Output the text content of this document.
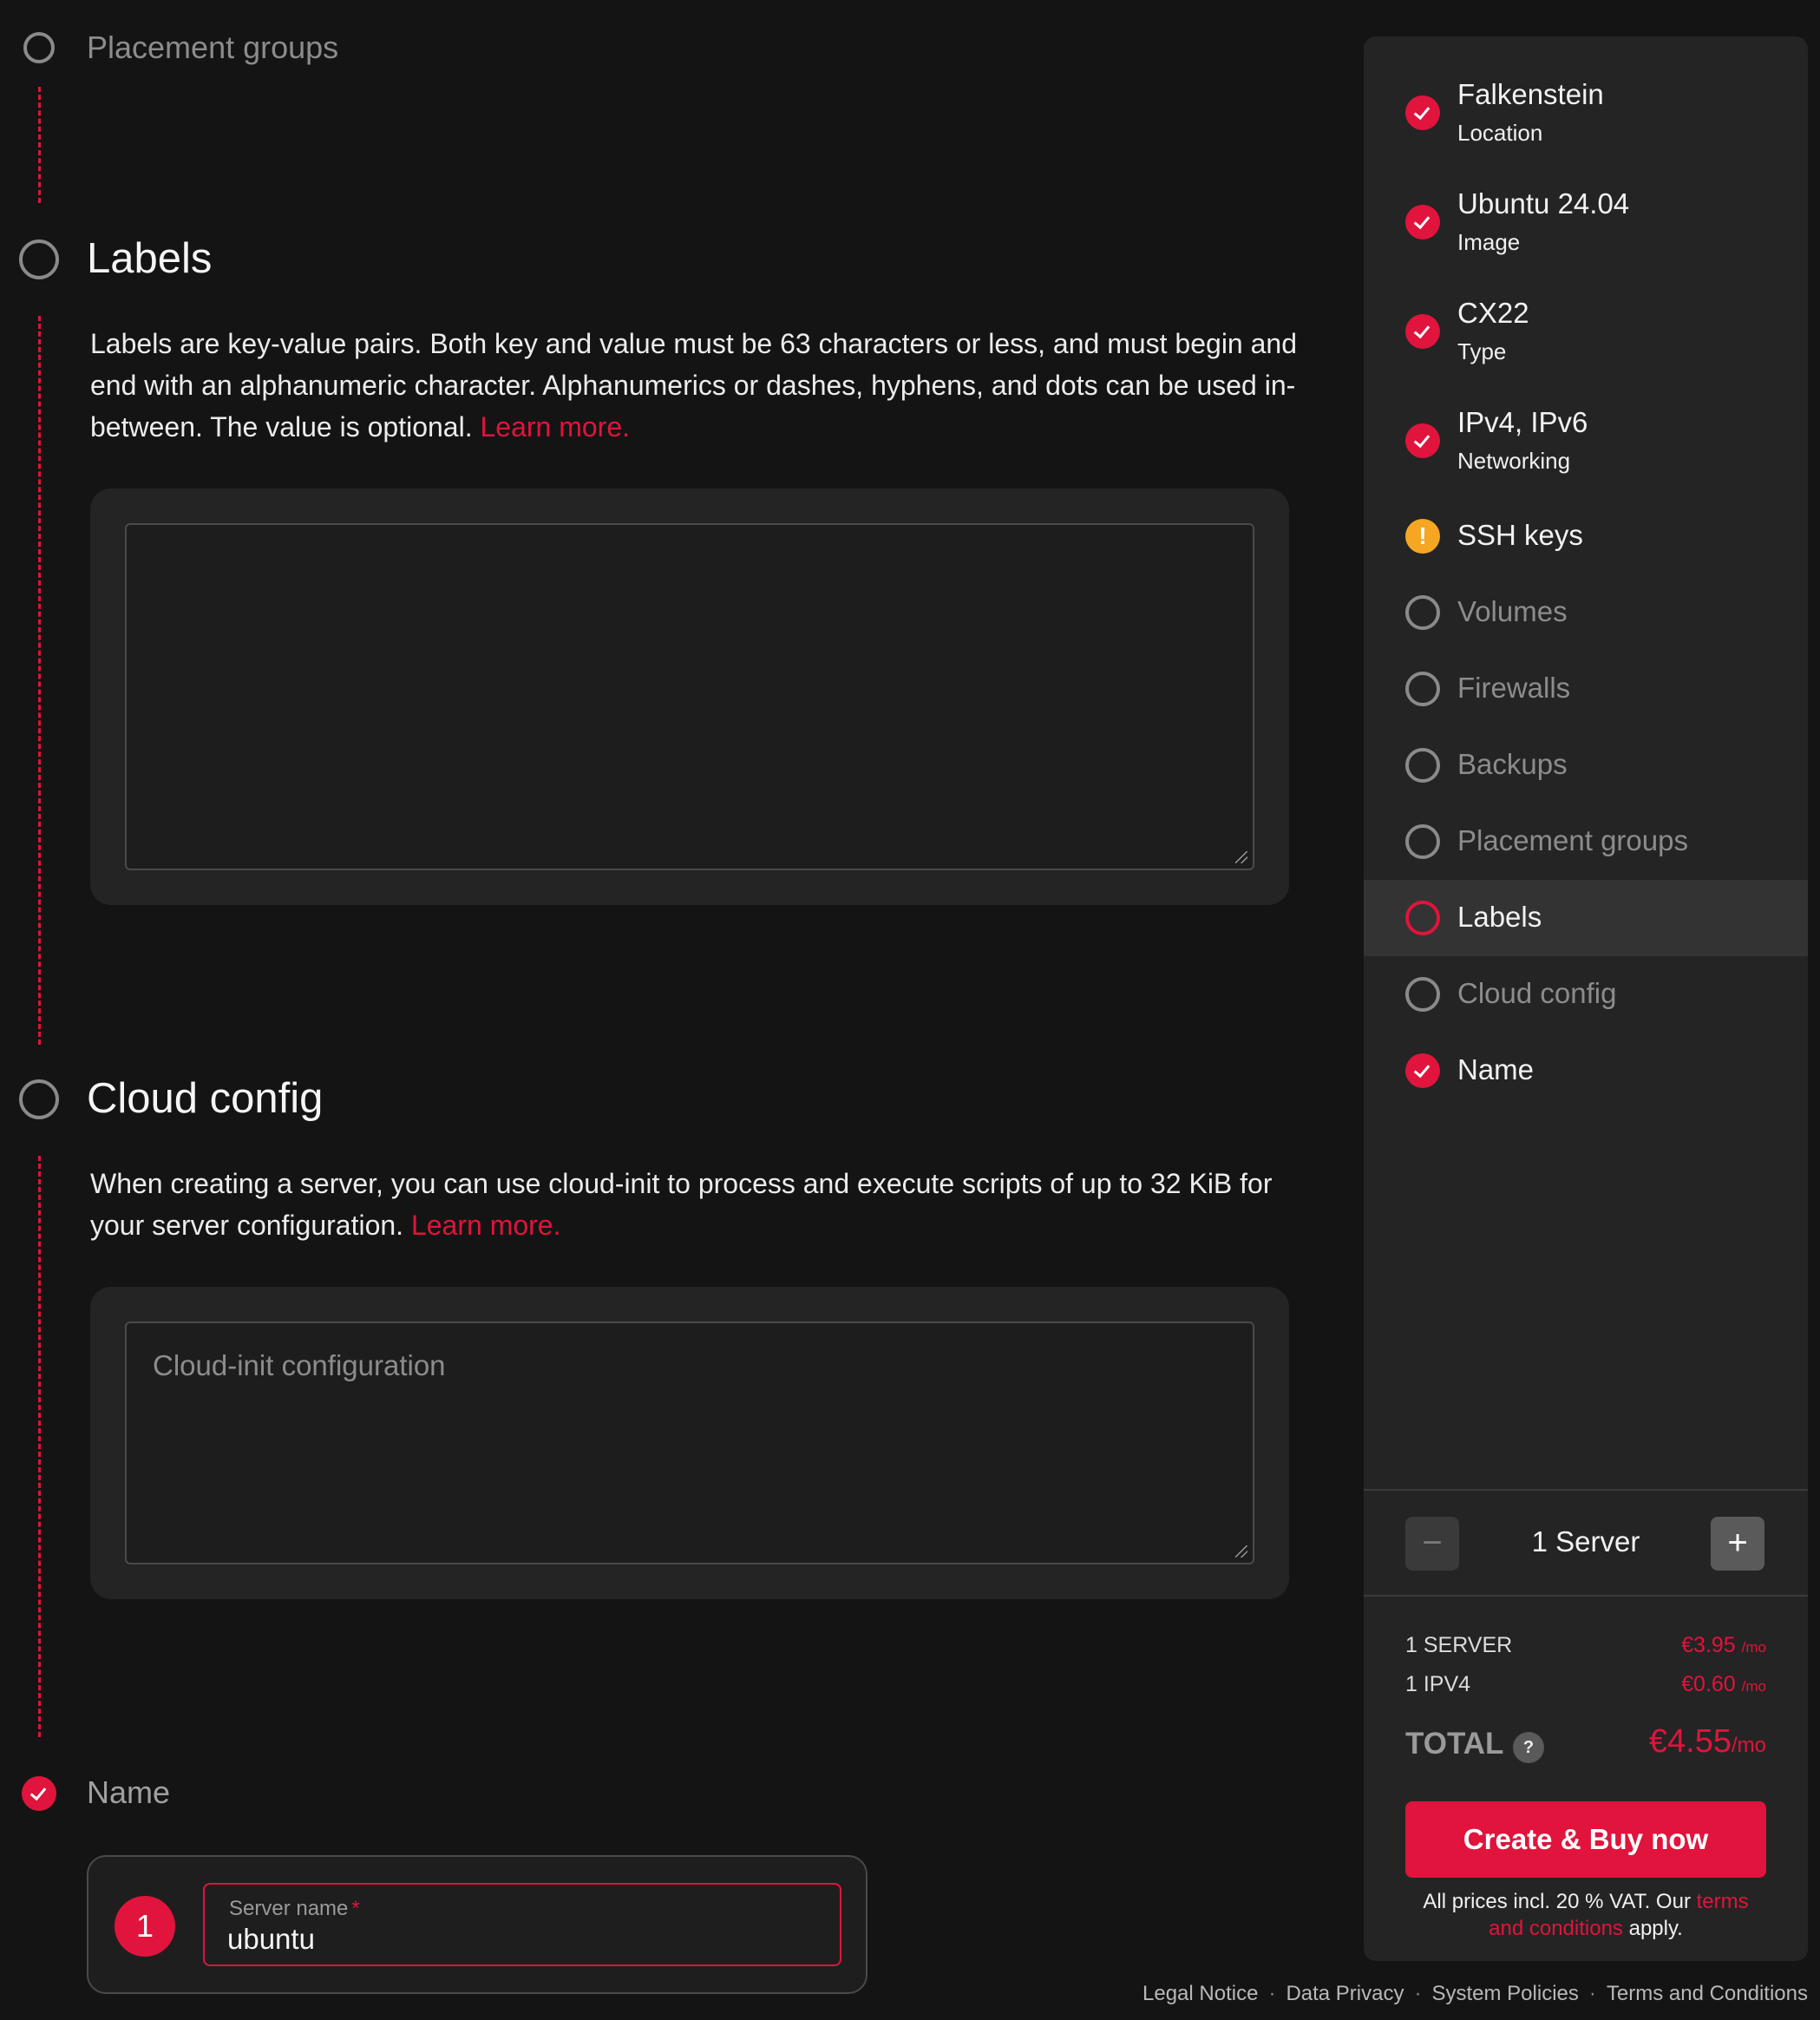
Placement groups
Labels
Labels are key-value pairs. Both key and value must be 63 characters or less, and must begin and end with an alphanumeric character. Alphanumerics or dashes, hyphens, and dots can be used in-between. The value is optional. Learn more.
Cloud config
When creating a server, you can use cloud-init to process and execute scripts of up to 32 KiB for your server configuration. Learn more.
Cloud-init configuration
Name
1	Server name *
ubuntu
Falkenstein
Location
Ubuntu 24.04
Image
CX22
Type
IPv4, IPv6
Networking
!	SSH keys
Volumes
Firewalls
Backups
Placement groups
Labels
Cloud config
Name
−	1 Server	+
1 SERVER	€3.95 /mo
1 IPV4	€0.60 /mo
TOTAL	?	€4.55/mo
Create & Buy now
All prices incl. 20 % VAT. Our terms and conditions apply.
Legal Notice · Data Privacy · System Policies · Terms and Conditions
